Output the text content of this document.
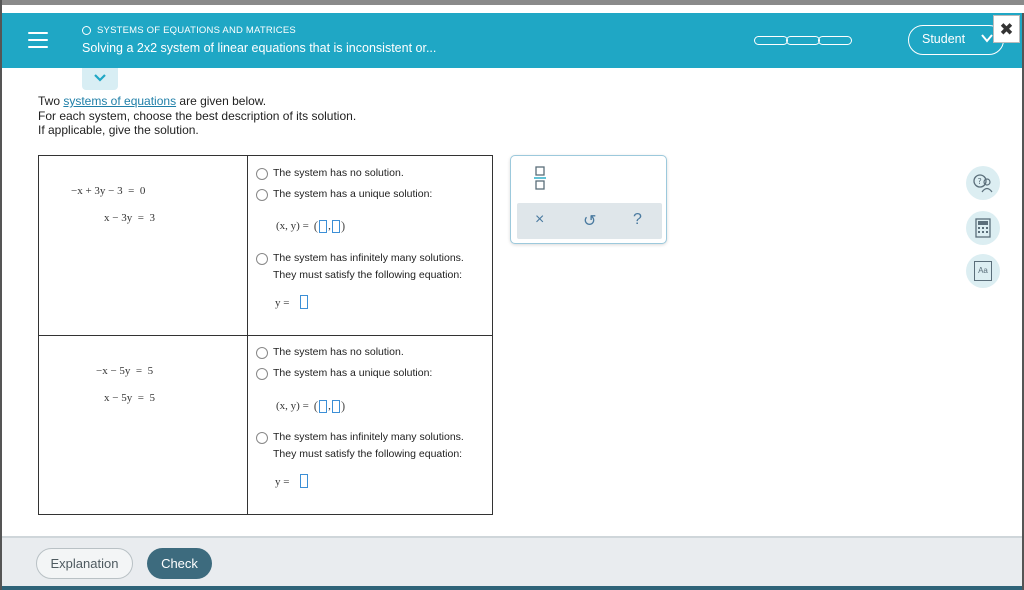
SYSTEMS OF EQUATIONS AND MATRICES
Solving a 2x2 system of linear equations that is inconsistent or...
Student	✖
Two systems of equations are given below.
For each system, choose the best description of its solution.
If applicable, give the solution.
−x + 3y − 3 = 0
x − 3y = 3
The system has no solution.
The system has a unique solution:
(x, y) = ( , )
The system has infinitely many solutions.
They must satisfy the following equation:
y =
−x − 5y = 5
x − 5y = 5
The system has no solution.
The system has a unique solution:
(x, y) = ( , )
The system has infinitely many solutions.
They must satisfy the following equation:
y =
× ↺ ?
?
Aa
Explanation	Check
